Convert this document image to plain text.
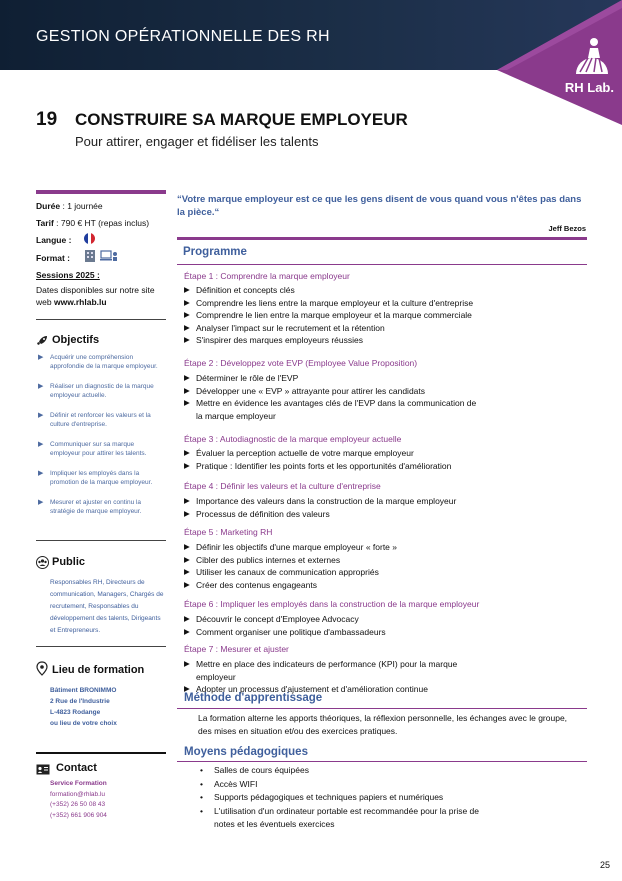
GESTION OPÉRATIONNELLE DES RH
RH Lab.
19 CONSTRUIRE SA MARQUE EMPLOYEUR
Pour attirer, engager et fidéliser les talents
Durée : 1 journée
Tarif : 790 € HT (repas inclus)
Langue :
Format :
Sessions 2025 :
Dates disponibles sur notre site web www.rhlab.lu
Objectifs
▶ Acquérir une compréhension approfondie de la marque employeur.
▶ Réaliser un diagnostic de la marque employeur actuelle.
▶ Définir et renforcer les valeurs et la culture d'entreprise.
▶ Communiquer sur sa marque employeur pour attirer les talents.
▶ Impliquer les employés dans la promotion de la marque employeur.
▶ Mesurer et ajuster en continu la stratégie de marque employeur.
Public
Responsables RH, Directeurs de communication, Managers, Chargés de recrutement, Responsables du développement des talents, Dirigeants et Entrepreneurs.
Lieu de formation
Bâtiment BRONIMMO
2 Rue de l'Industrie
L-4823 Rodange
ou lieu de votre choix
Contact
Service Formation
formation@rhlab.lu
(+352) 26 50 08 43
(+352) 661 906 904
“Votre marque employeur est ce que les gens disent de vous quand vous n'êtes pas dans la pièce.“
Jeff Bezos
Programme
Étape 1 : Comprendre la marque employeur
▶ Définition et concepts clés
▶ Comprendre les liens entre la marque employeur et la culture d'entreprise
▶ Comprendre le lien entre la marque employeur et la marque commerciale
▶ Analyser l'impact sur le recrutement et la rétention
▶ S'inspirer des marques employeurs réussies
Étape 2 : Développez vote EVP (Employee Value Proposition)
▶ Déterminer le rôle de l'EVP
▶ Développer une « EVP » attrayante pour attirer les candidats
▶ Mettre en évidence les avantages clés de l'EVP dans la communication de la marque employeur
Étape 3 : Autodiagnostic de la marque employeur actuelle
▶ Évaluer la perception actuelle de votre marque employeur
▶ Pratique : Identifier les points forts et les opportunités d'amélioration
Étape 4 : Définir les valeurs et la culture d'entreprise
▶ Importance des valeurs dans la construction de la marque employeur
▶ Processus de définition des valeurs
Étape 5 : Marketing RH
▶ Définir les objectifs d'une marque employeur « forte »
▶ Cibler des publics internes et externes
▶ Utiliser les canaux de communication appropriés
▶ Créer des contenus engageants
Étape 6 : Impliquer les employés dans la construction de la marque employeur
▶ Découvrir le concept d'Employee Advocacy
▶ Comment organiser une politique d'ambassadeurs
Étape 7 : Mesurer et ajuster
▶ Mettre en place des indicateurs de performance (KPI) pour la marque employeur
▶ Adopter un processus d'ajustement et d'amélioration continue
Méthode d'apprentissage
La formation alterne les apports théoriques, la réflexion personnelle, les échanges avec le groupe, des mises en situation et/ou des exercices pratiques.
Moyens pédagogiques
• Salles de cours équipées
• Accès WIFI
• Supports pédagogiques et techniques papiers et numériques
• L'utilisation d'un ordinateur portable est recommandée pour la prise de notes et les éventuels exercices
25
